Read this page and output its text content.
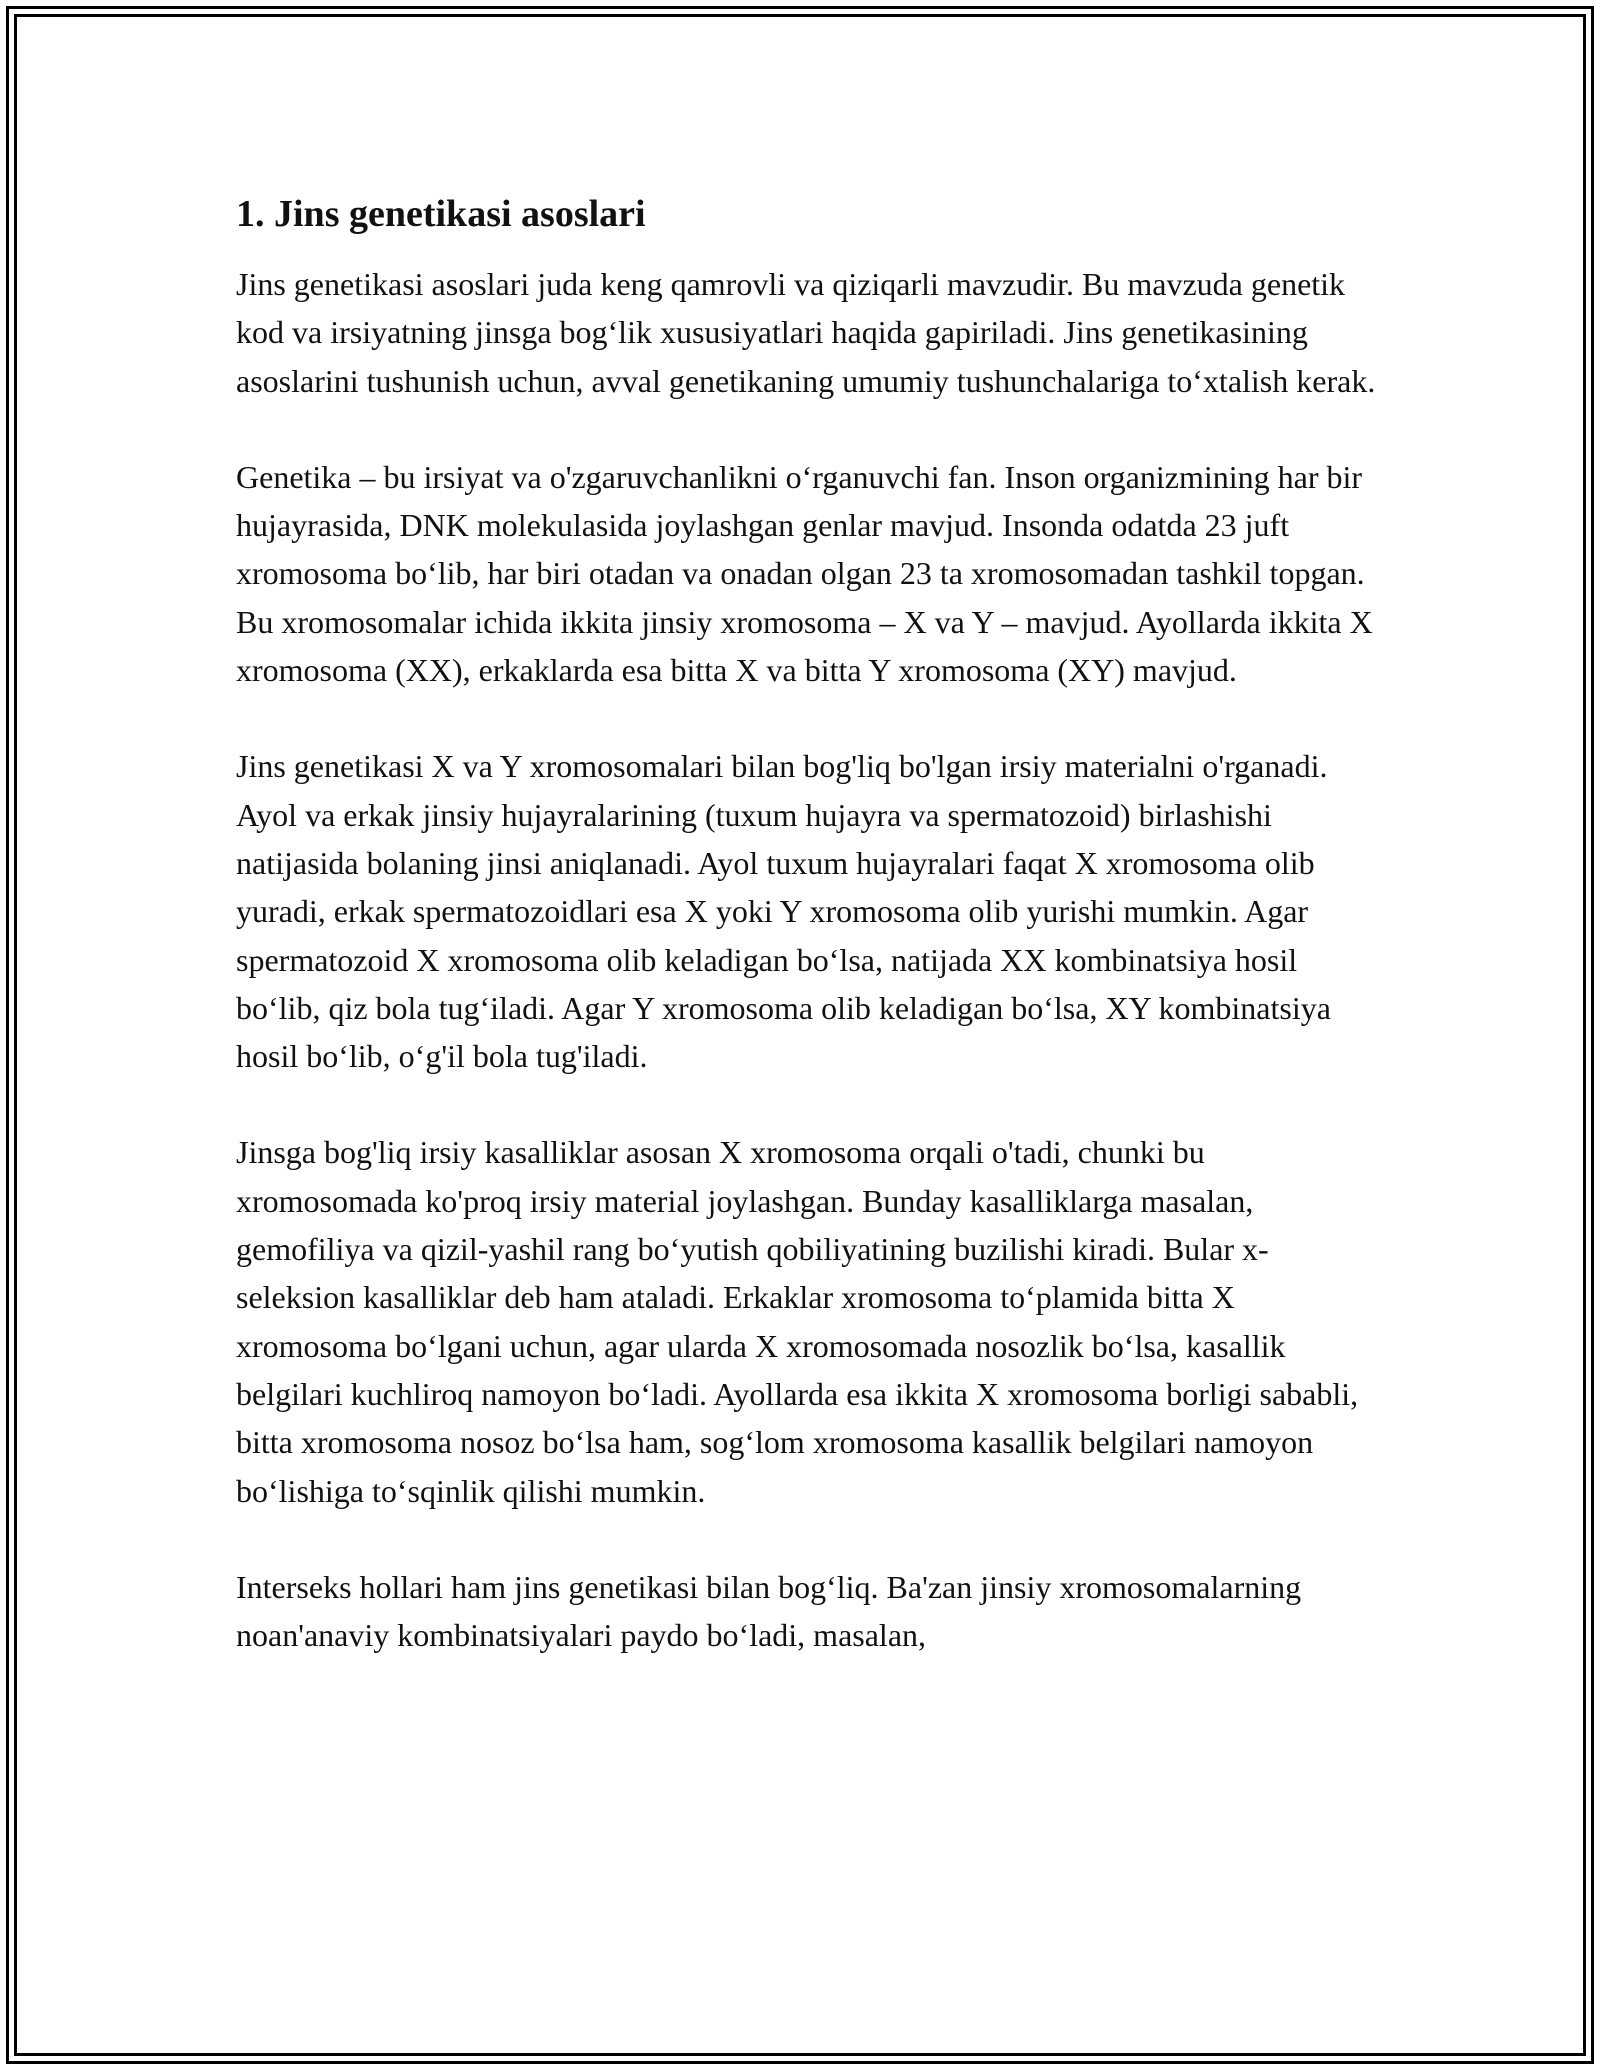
1. Jins genetikasi asoslari

Jins genetikasi asoslari juda keng qamrovli va qiziqarli mavzudir. Bu mavzuda genetik kod va irsiyatning jinsga bog‘lik xususiyatlari haqida gapiriladi. Jins genetikasining asoslarini tushunish uchun, avval genetikaning umumiy tushunchalariga to‘xtalish kerak.

Genetika – bu irsiyat va o'zgaruvchanlikni o‘rganuvchi fan. Inson organizmining har bir hujayrasida, DNK molekulasida joylashgan genlar mavjud. Insonda odatda 23 juft xromosoma bo‘lib, har biri otadan va onadan olgan 23 ta xromosomadan tashkil topgan. Bu xromosomalar ichida ikkita jinsiy xromosoma – X va Y – mavjud. Ayollarda ikkita X xromosoma (XX), erkaklarda esa bitta X va bitta Y xromosoma (XY) mavjud.

Jins genetikasi X va Y xromosomalari bilan bog'liq bo'lgan irsiy materialni o'rganadi. Ayol va erkak jinsiy hujayralarining (tuxum hujayra va spermatozoid) birlashishi natijasida bolaning jinsi aniqlanadi. Ayol tuxum hujayralari faqat X xromosoma olib yuradi, erkak spermatozoidlari esa X yoki Y xromosoma olib yurishi mumkin. Agar spermatozoid X xromosoma olib keladigan bo‘lsa, natijada XX kombinatsiya hosil bo‘lib, qiz bola tug‘iladi. Agar Y xromosoma olib keladigan bo‘lsa, XY kombinatsiya hosil bo‘lib, o‘g'il bola tug'iladi.

Jinsga bog'liq irsiy kasalliklar asosan X xromosoma orqali o'tadi, chunki bu xromosomada ko'proq irsiy material joylashgan. Bunday kasalliklarga masalan, gemofiliya va qizil-yashil rang bo‘yutish qobiliyatining buzilishi kiradi. Bular x-seleksion kasalliklar deb ham ataladi. Erkaklar xromosoma to‘plamida bitta X xromosoma bo‘lgani uchun, agar ularda X xromosomada nosozlik bo‘lsa, kasallik belgilari kuchliroq namoyon bo‘ladi. Ayollarda esa ikkita X xromosoma borligi sababli, bitta xromosoma nosoz bo‘lsa ham, sog‘lom xromosoma kasallik belgilari namoyon bo‘lishiga to‘sqinlik qilishi mumkin.

Interseks hollari ham jins genetikasi bilan bog‘liq. Ba'zan jinsiy xromosomalarning noan'anaviy kombinatsiyalari paydo bo‘ladi, masalan,
